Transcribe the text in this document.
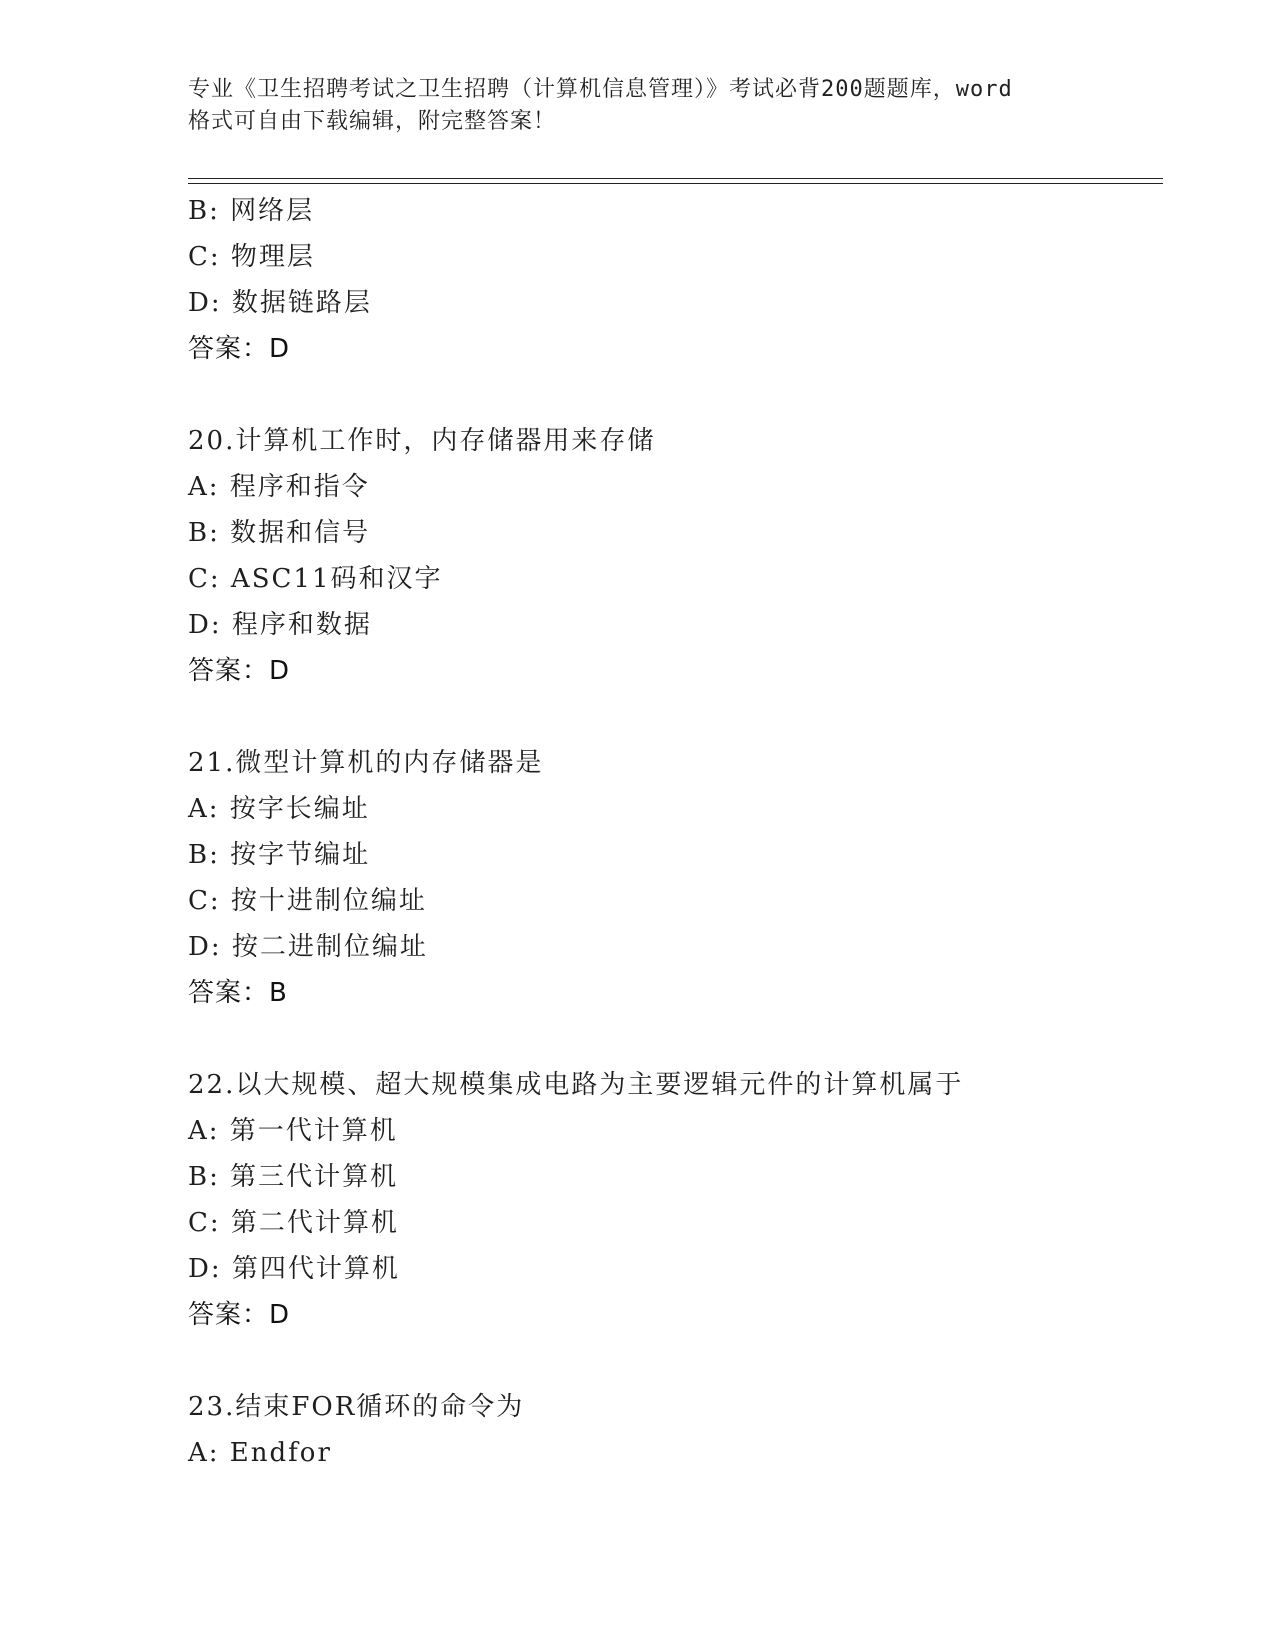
专业《卫生招聘考试之卫生招聘（计算机信息管理）》考试必背200题题库，word
格式可自由下载编辑，附完整答案！
B: 网络层
C: 物理层
D: 数据链路层
答案：D
20.计算机工作时，内存储器用来存储
A: 程序和指令
B: 数据和信号
C: ASC11码和汉字
D: 程序和数据
答案：D
21.微型计算机的内存储器是
A: 按字长编址
B: 按字节编址
C: 按十进制位编址
D: 按二进制位编址
答案：B
22.以大规模、超大规模集成电路为主要逻辑元件的计算机属于
A: 第一代计算机
B: 第三代计算机
C: 第二代计算机
D: 第四代计算机
答案：D
23.结束FOR循环的命令为
A: Endfor
